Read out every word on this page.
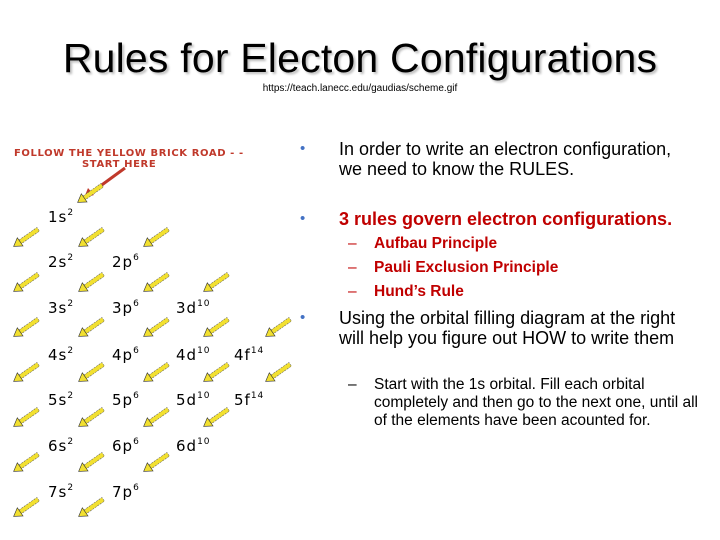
Rules for Electon Configurations
https://teach.lanecc.edu/gaudias/scheme.gif
FOLLOW THE YELLOW BRICK ROAD - -
START HERE
$1s^2$
$2s^2$	$2p^6$
$3s^2$	$3p^6$ $3d^{10}$
$4s^2$	$4p^6$ $4d^{10}$ $4f^{14}$
$5s^2$	$5p^6$ $5d^{10}$ $5f^{14}$
$6s^2$	$6p^6$ $6d^{10}$
$7s^2$	$7p^6$
• In order to write an electron configuration, we need to know the RULES.
• 3 rules govern electron configurations.
– Aufbau Principle
– Pauli Exclusion Principle
– Hund’s Rule
• Using the orbital filling diagram at the right will help you figure out HOW to write them
– Start with the 1s orbital. Fill each orbital completely and then go to the next one, until all of the elements have been acounted for.
